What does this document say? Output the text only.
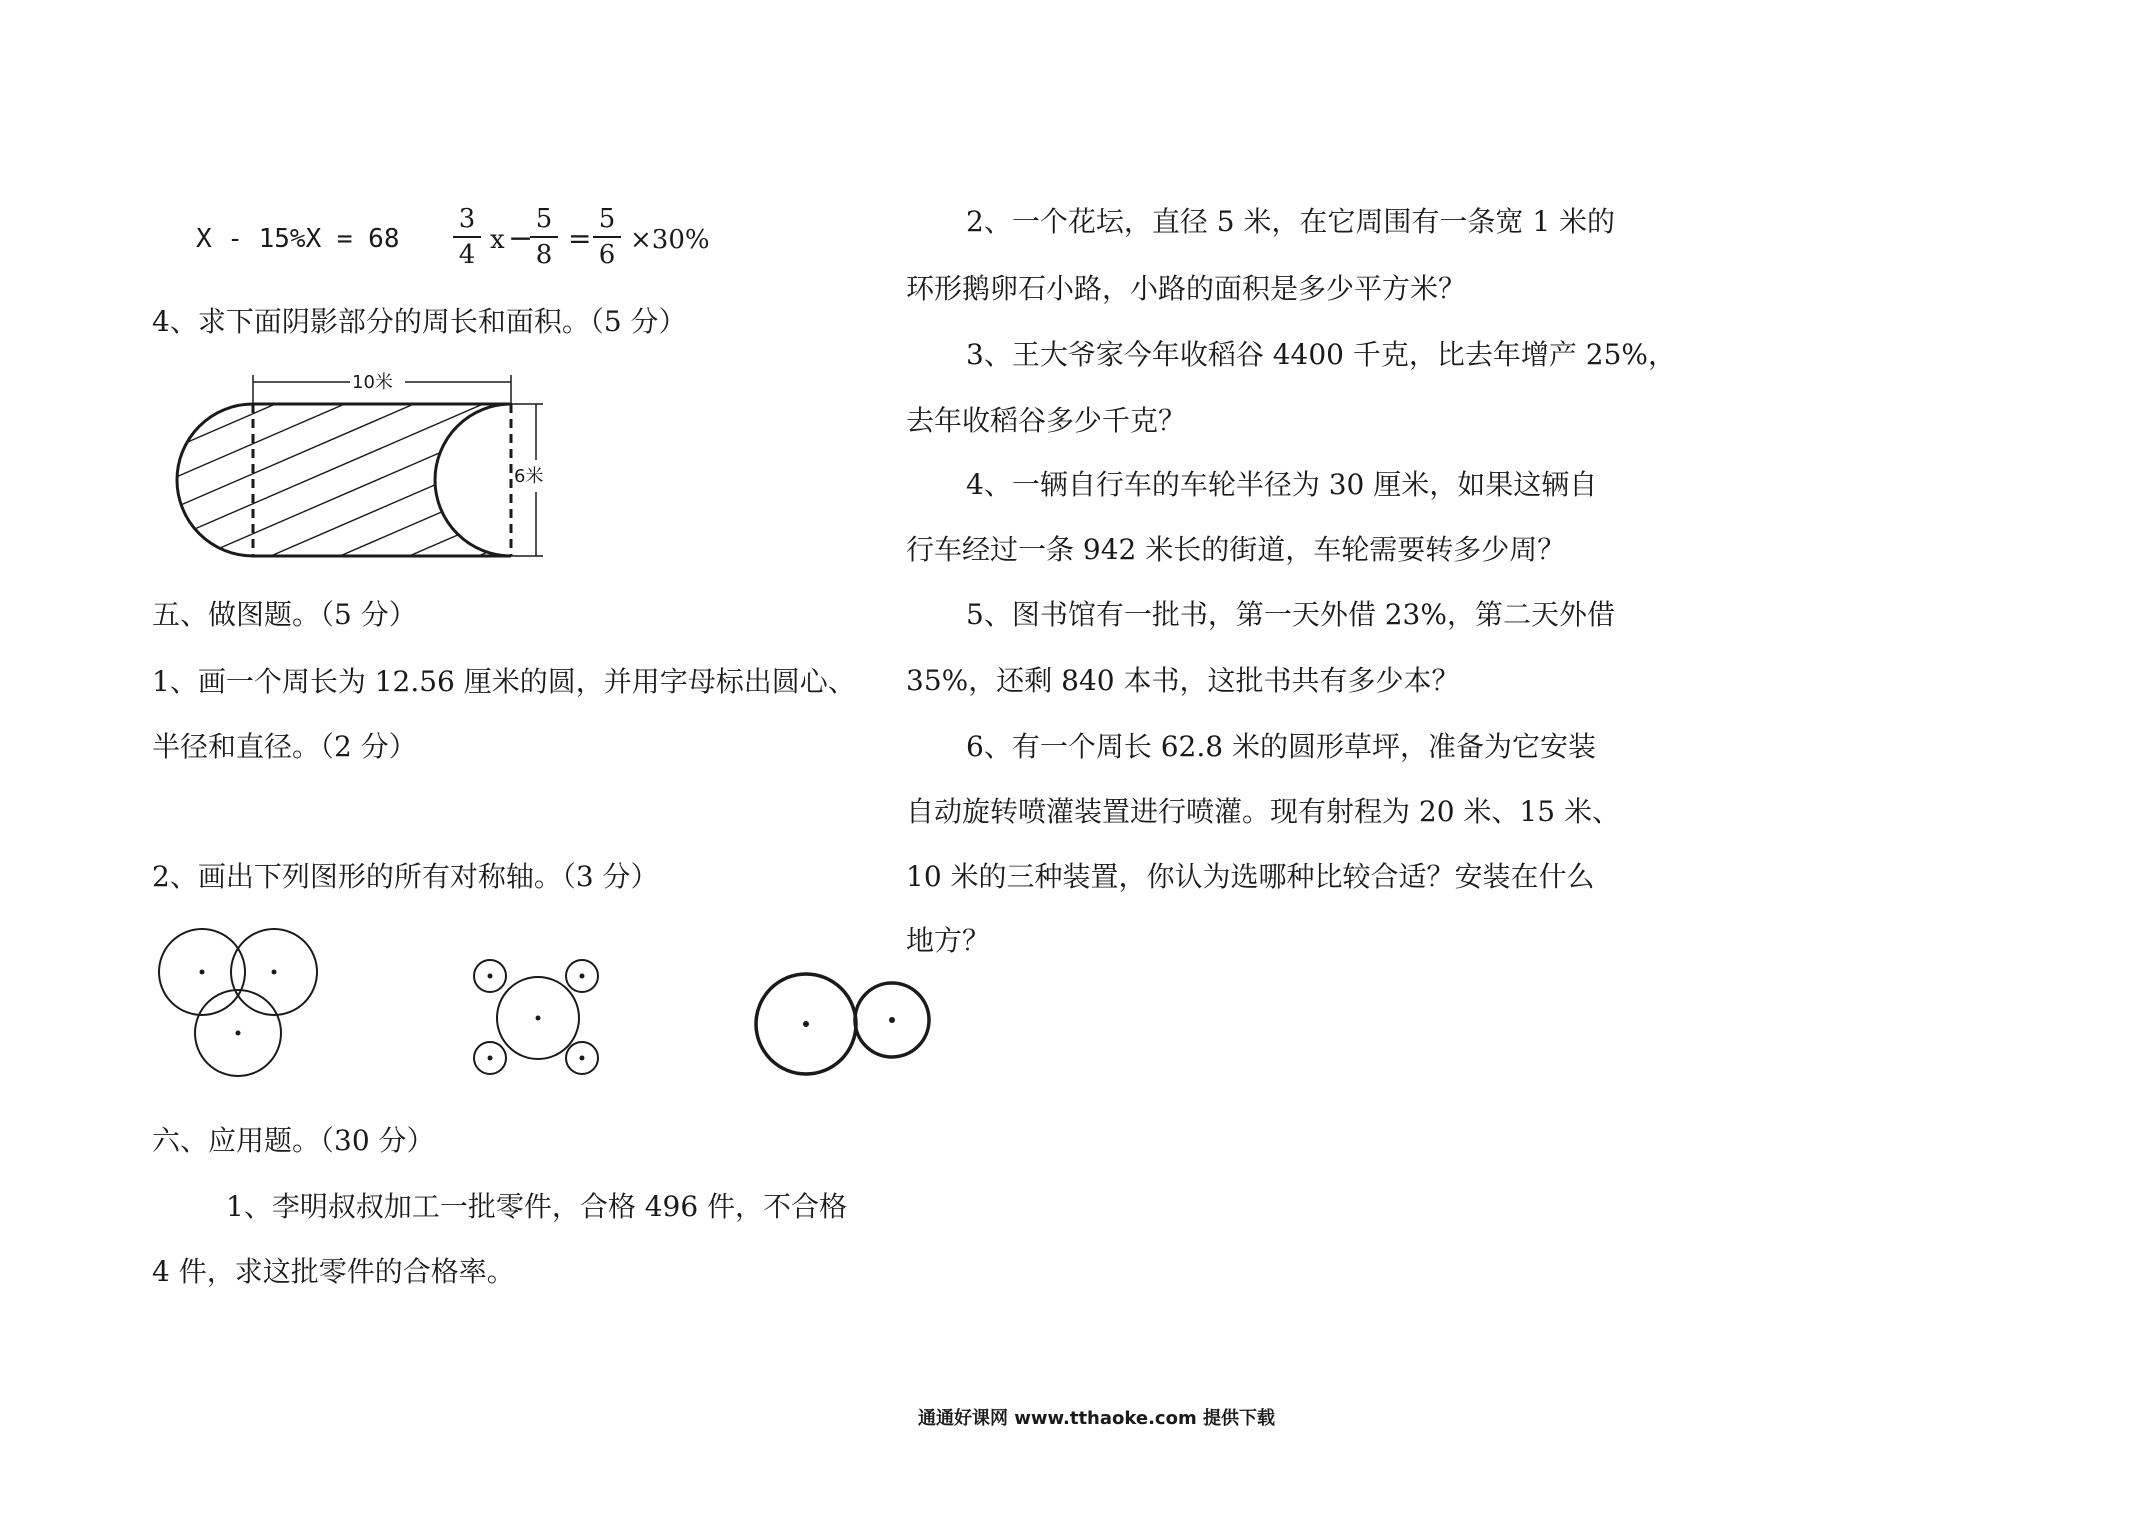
X - 15%X = 68
3
4 x −
5
8 =
5
6 ×30%
4、求下面阴影部分的周长和面积。（5 分）
10米
6米
五、做图题。（5 分）
1、画一个周长为 12.56 厘米的圆，并用字母标出圆心、
半径和直径。（2 分）
2、画出下列图形的所有对称轴。（3 分）
六、应用题。（30 分）
1、李明叔叔加工一批零件，合格 496 件，不合格
4 件，求这批零件的合格率。
2、一个花坛，直径 5 米，在它周围有一条宽 1 米的
环形鹅卵石小路，小路的面积是多少平方米？
3、王大爷家今年收稻谷 4400 千克，比去年增产 25%，
去年收稻谷多少千克？
4、一辆自行车的车轮半径为 30 厘米，如果这辆自
行车经过一条 942 米长的街道，车轮需要转多少周？
5、图书馆有一批书，第一天外借 23%，第二天外借
35%，还剩 840 本书，这批书共有多少本？
6、有一个周长 62.8 米的圆形草坪，准备为它安装
自动旋转喷灌装置进行喷灌。现有射程为 20 米、15 米、
10 米的三种装置，你认为选哪种比较合适？安装在什么
地方？
通通好课网 www.tthaoke.com 提供下载
